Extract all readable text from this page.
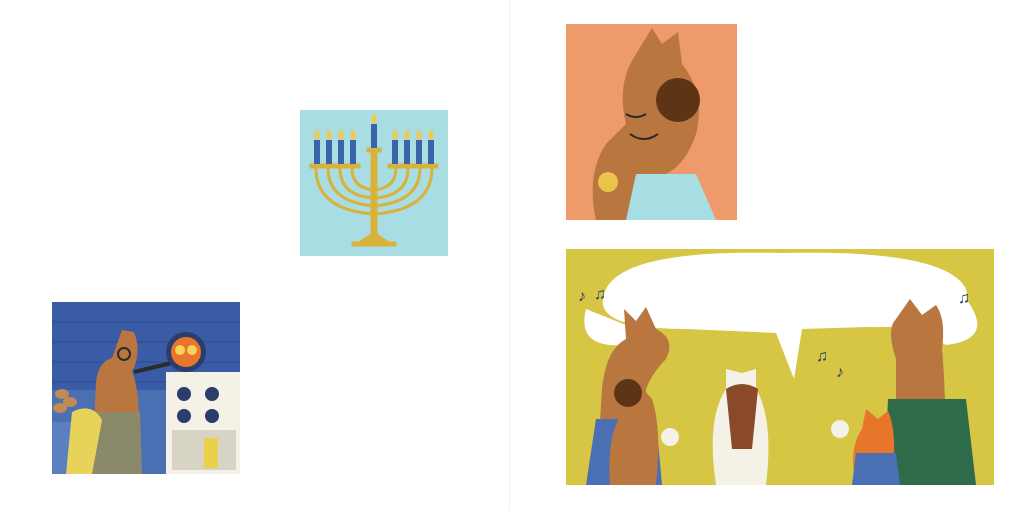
♪ ♫
♫
♪
♫
